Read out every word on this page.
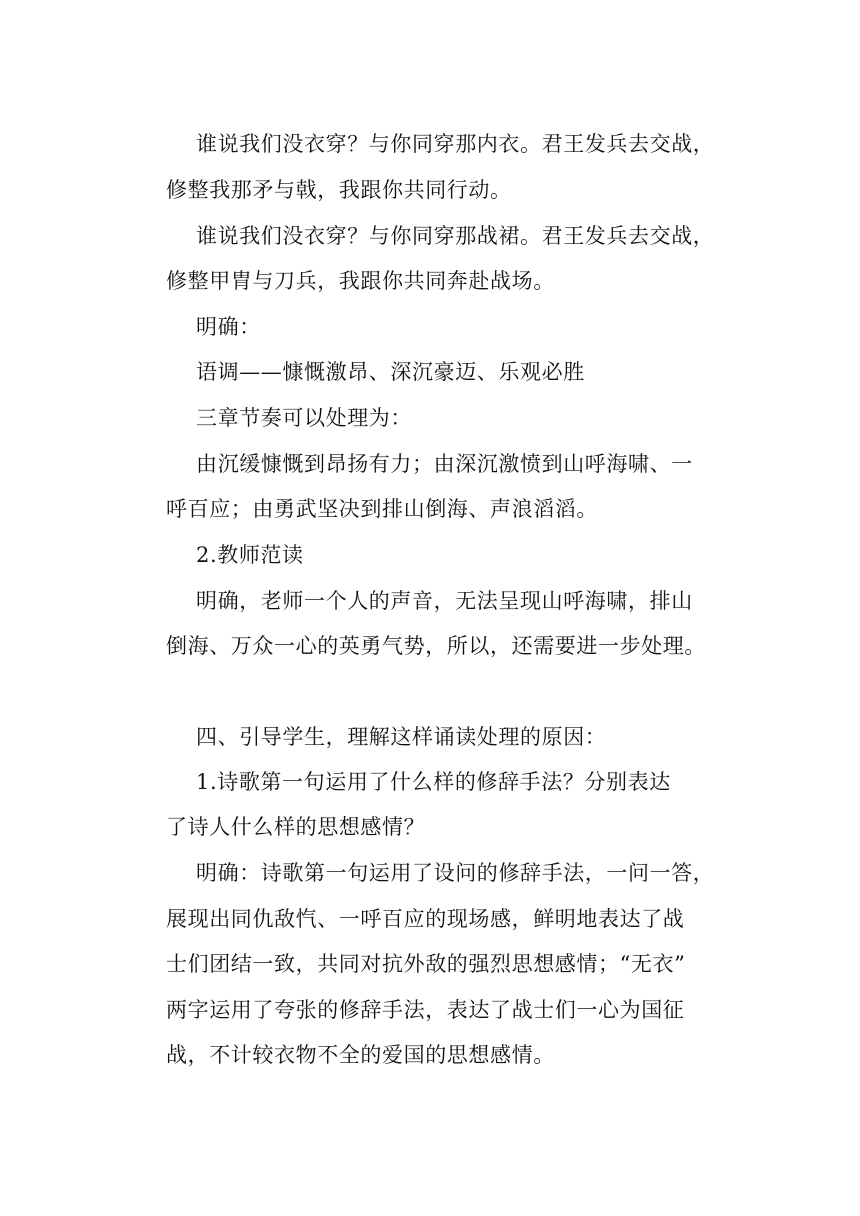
谁说我们没衣穿？与你同穿那内衣。君王发兵去交战，
修整我那矛与戟，我跟你共同行动。
谁说我们没衣穿？与你同穿那战裙。君王发兵去交战，
修整甲胄与刀兵，我跟你共同奔赴战场。
明确：
语调——慷慨激昂、深沉豪迈、乐观必胜
三章节奏可以处理为：
由沉缓慷慨到昂扬有力；由深沉激愤到山呼海啸、一
呼百应；由勇武坚决到排山倒海、声浪滔滔。
2.教师范读
明确，老师一个人的声音，无法呈现山呼海啸，排山
倒海、万众一心的英勇气势，所以，还需要进一步处理。
四、引导学生，理解这样诵读处理的原因：
1.诗歌第一句运用了什么样的修辞手法？分别表达
了诗人什么样的思想感情？
明确：诗歌第一句运用了设问的修辞手法，一问一答，
展现出同仇敌忾、一呼百应的现场感，鲜明地表达了战
士们团结一致，共同对抗外敌的强烈思想感情；“无衣”
两字运用了夸张的修辞手法，表达了战士们一心为国征
战，不计较衣物不全的爱国的思想感情。
